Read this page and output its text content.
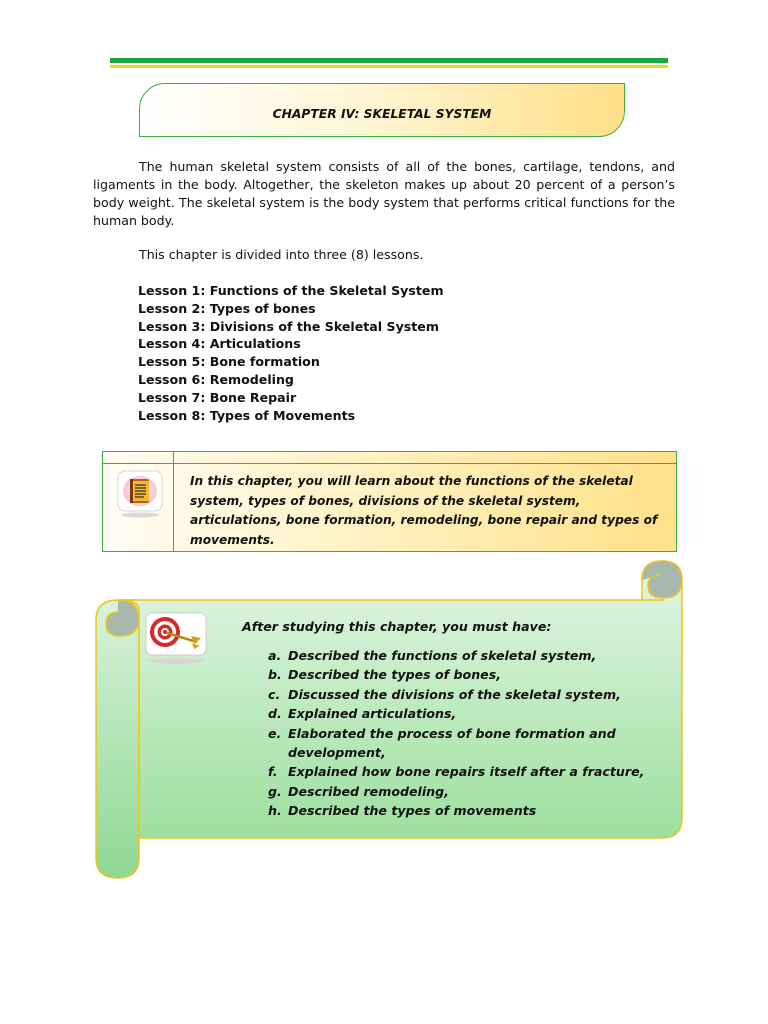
CHAPTER IV: SKELETAL SYSTEM

The human skeletal system consists of all of the bones, cartilage, tendons, and ligaments in the body. Altogether, the skeleton makes up about 20 percent of a person’s body weight. The skeletal system is the body system that performs critical functions for the human body.

This chapter is divided into three (8) lessons.

Lesson 1: Functions of the Skeletal System
Lesson 2: Types of bones
Lesson 3: Divisions of the Skeletal System
Lesson 4: Articulations
Lesson 5: Bone formation
Lesson 6: Remodeling
Lesson 7: Bone Repair
Lesson 8: Types of Movements

In this chapter, you will learn about the functions of the skeletal system, types of bones, divisions of the skeletal system, articulations, bone formation, remodeling, bone repair and types of movements.

After studying this chapter, you must have:

a. Described the functions of skeletal system,
b. Described the types of bones,
c. Discussed the divisions of the skeletal system,
d. Explained articulations,
e. Elaborated the process of bone formation and development,
f. Explained how bone repairs itself after a fracture,
g. Described remodeling,
h. Described the types of movements
